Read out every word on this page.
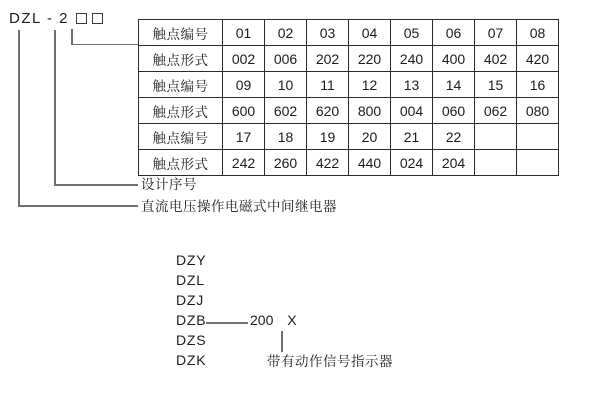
DZL - 2
触点编号	01	02	03	04	05	06	07	08
触点形式	002	006	202	220	240	400	402	420
触点编号	09	10	11	12	13	14	15	16
触点形式	600	602	620	800	004	060	062	080
触点编号	17	18	19	20	21	22		
触点形式	242	260	422	440	024	204		
设计序号
直流电压操作电磁式中间继电器
DZY
DZL
DZJ
DZB
DZS
DZK
200 X
带有动作信号指示器
